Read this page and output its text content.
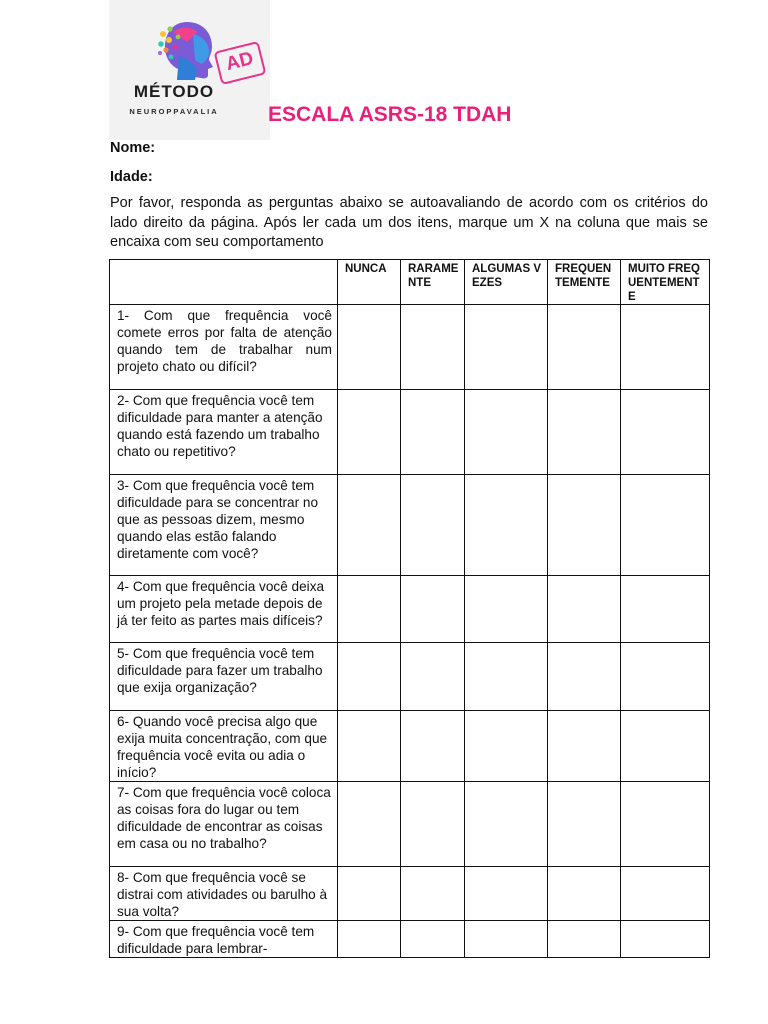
AD
MÉTODO
NEUROPPAVALIA	ESCALA ASRS-18 TDAH
Nome:
Idade:
Por favor, responda as perguntas abaixo se autoavaliando de acordo com os critérios do lado direito da página. Após ler cada um dos itens, marque um X na coluna que mais se encaixa com seu comportamento
	NUNCA	RARAMENTE	ALGUMAS VEZES	FREQUENTEMENTE	MUITO FREQUENTEMENTE
1- Com que frequência você comete erros por falta de atenção quando tem de trabalhar num projeto chato ou difícil?					
2- Com que frequência você tem dificuldade para manter a atenção quando está fazendo um trabalho chato ou repetitivo?					
3- Com que frequência você tem dificuldade para se concentrar no que as pessoas dizem, mesmo quando elas estão falando diretamente com você?					
4- Com que frequência você deixa um projeto pela metade depois de já ter feito as partes mais difíceis?					
5- Com que frequência você tem dificuldade para fazer um trabalho que exija organização?					
6- Quando você precisa algo que exija muita concentração, com que frequência você evita ou adia o início?					
7- Com que frequência você coloca as coisas fora do lugar ou tem dificuldade de encontrar as coisas em casa ou no trabalho?					
8- Com que frequência você se distrai com atividades ou barulho à sua volta?					
9- Com que frequência você tem dificuldade para lembrar-					
